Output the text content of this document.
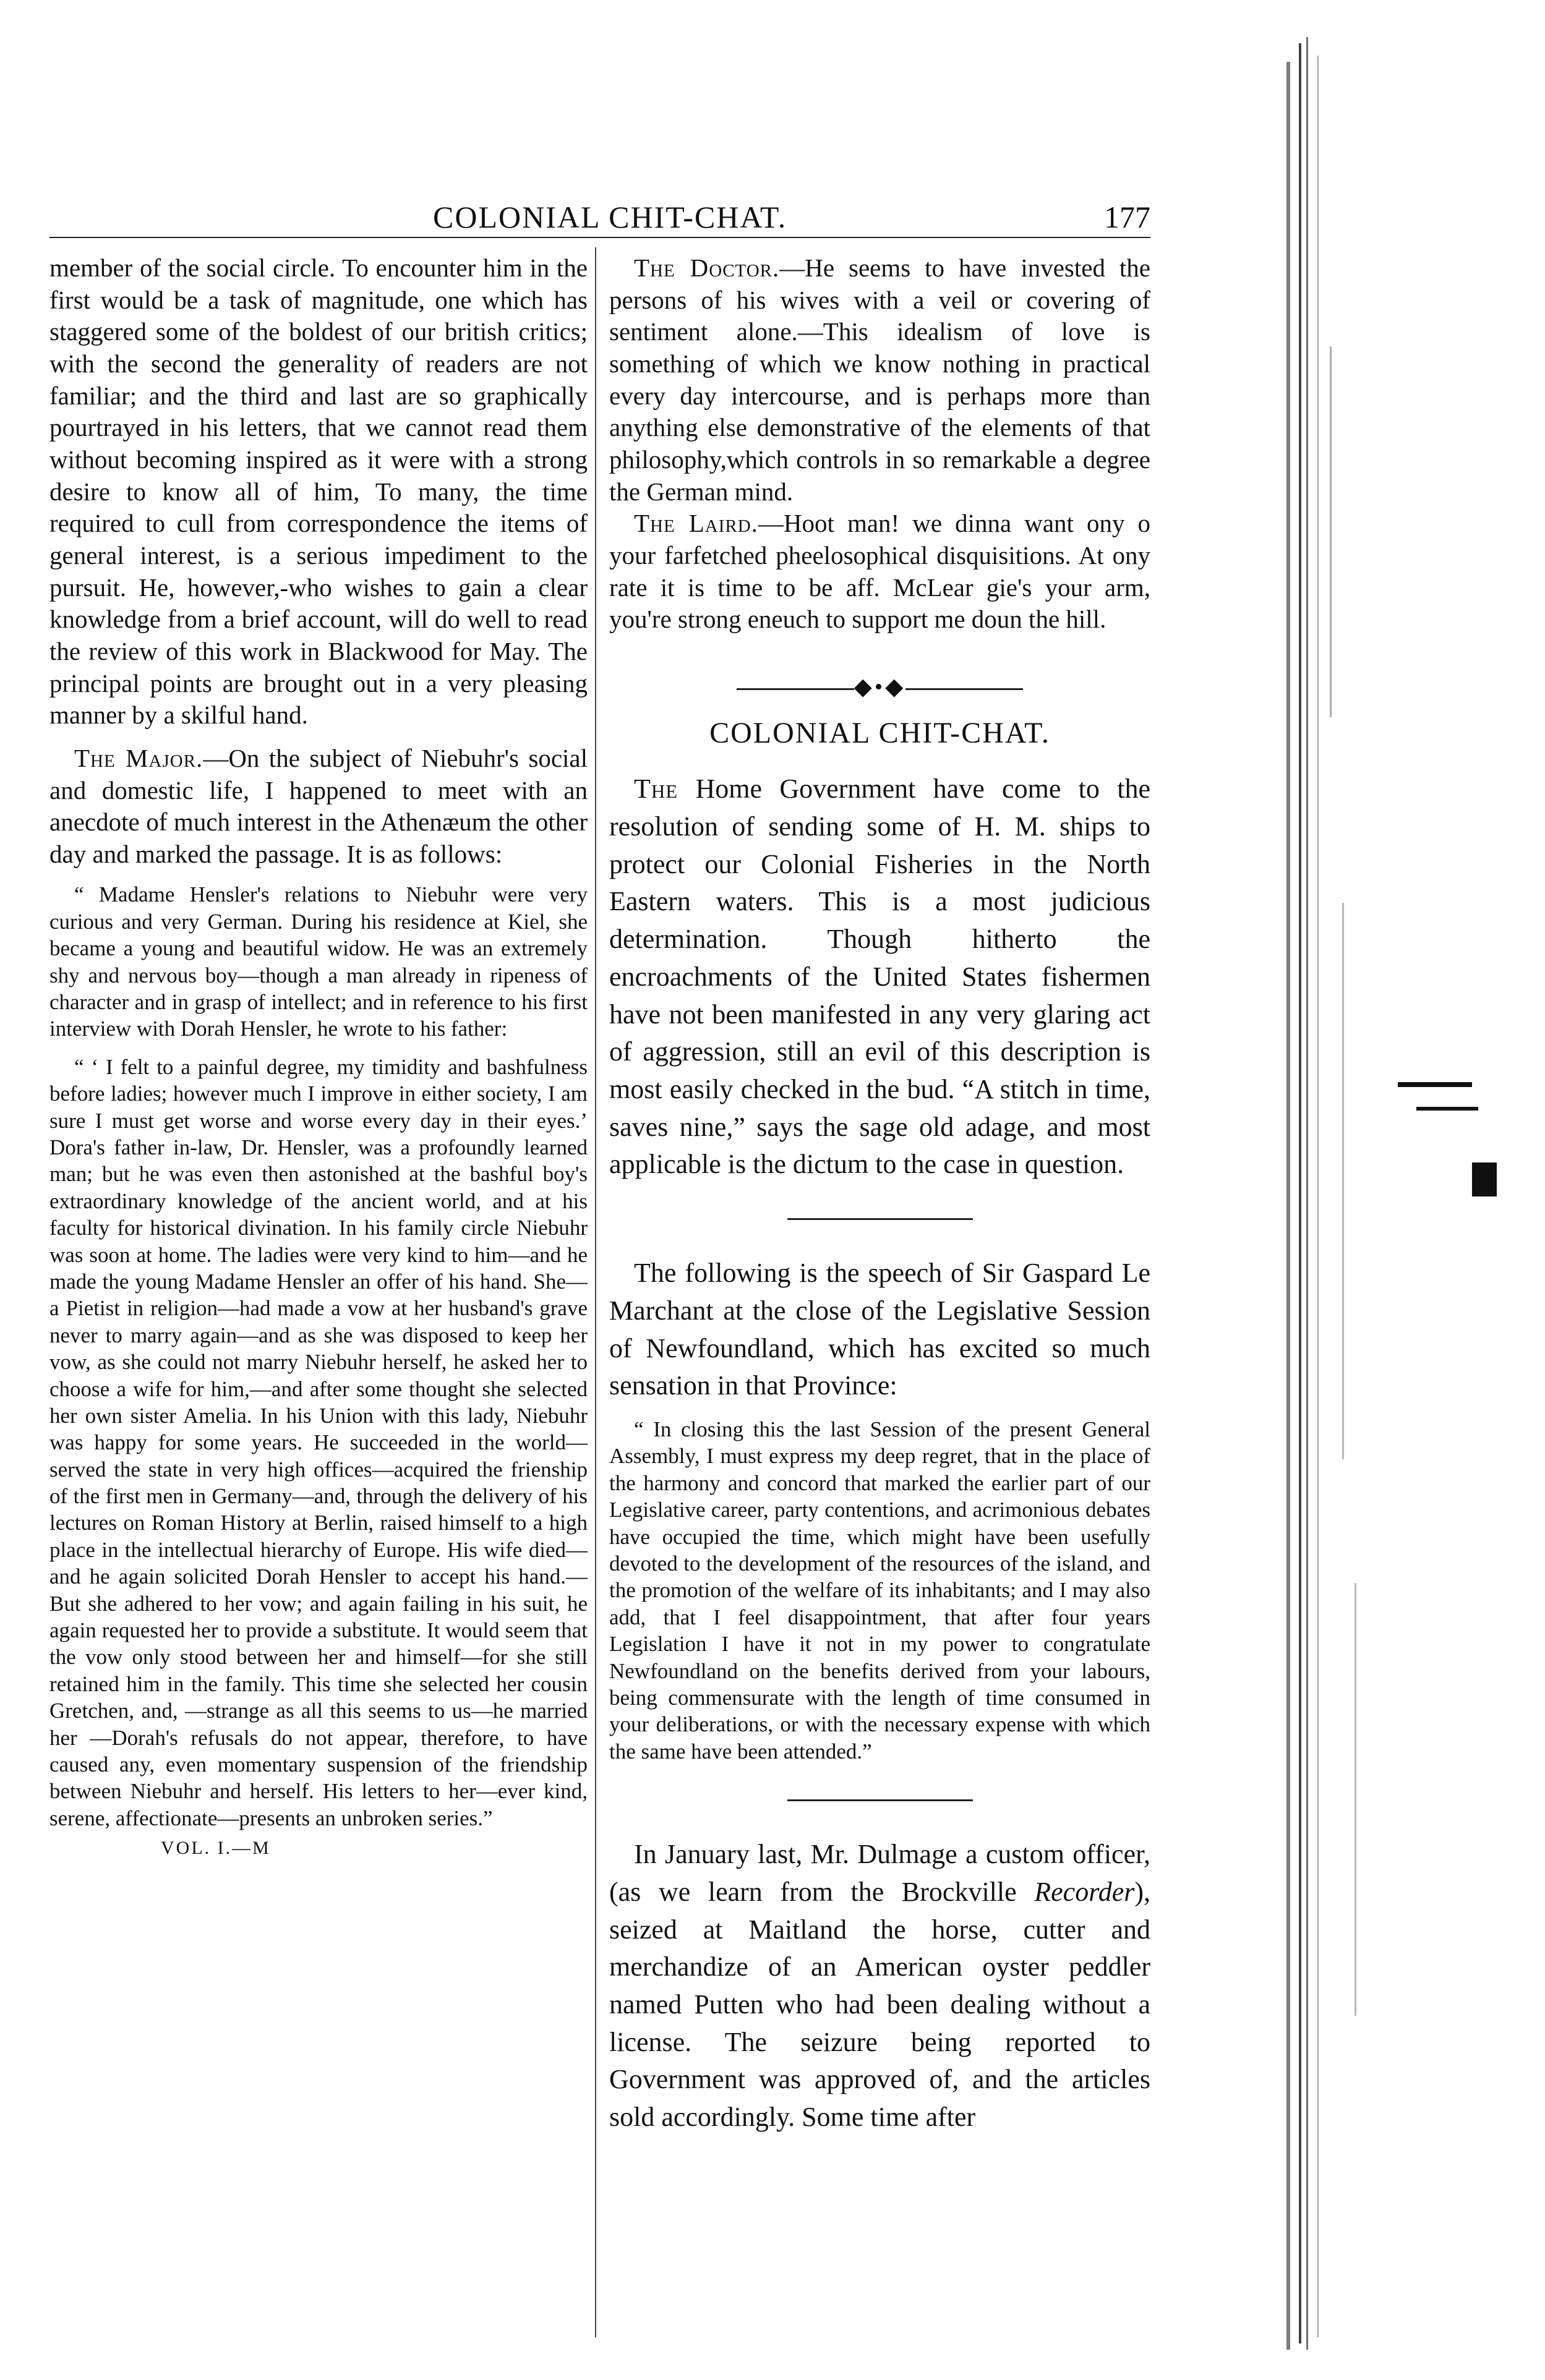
COLONIAL CHIT-CHAT.	177

member of the social circle. To encounter him in the first would be a task of magnitude, one which has staggered some of the boldest of our british critics; with the second the generality of readers are not familiar; and the third and last are so graphically pourtrayed in his letters, that we cannot read them without becoming inspired as it were with a strong desire to know all of him, To many, the time required to cull from correspondence the items of general interest, is a serious impediment to the pursuit. He, however,-who wishes to gain a clear knowledge from a brief account, will do well to read the review of this work in Blackwood for May. The principal points are brought out in a very pleasing manner by a skilful hand.

The Major.—On the subject of Niebuhr's social and domestic life, I happened to meet with an anecdote of much interest in the Athenæum the other day and marked the passage. It is as follows:

“ Madame Hensler's relations to Niebuhr were very curious and very German. During his residence at Kiel, she became a young and beautiful widow. He was an extremely shy and nervous boy—though a man already in ripeness of character and in grasp of intellect; and in reference to his first interview with Dorah Hensler, he wrote to his father:

“ ‘ I felt to a painful degree, my timidity and bashfulness before ladies; however much I improve in either society, I am sure I must get worse and worse every day in their eyes.’ Dora's father in-law, Dr. Hensler, was a profoundly learned man; but he was even then astonished at the bashful boy's extraordinary knowledge of the ancient world, and at his faculty for historical divination. In his family circle Niebuhr was soon at home. The ladies were very kind to him—and he made the young Madame Hensler an offer of his hand. She—a Pietist in religion—had made a vow at her husband's grave never to marry again—and as she was disposed to keep her vow, as she could not marry Niebuhr herself, he asked her to choose a wife for him,—and after some thought she selected her own sister Amelia. In his Union with this lady, Niebuhr was happy for some years. He succeeded in the world—served the state in very high offices—acquired the frienship of the first men in Germany—and, through the delivery of his lectures on Roman History at Berlin, raised himself to a high place in the intellectual hierarchy of Europe. His wife died—and he again solicited Dorah Hensler to accept his hand.—But she adhered to her vow; and again failing in his suit, he again requested her to provide a substitute. It would seem that the vow only stood between her and himself—for she still retained him in the family. This time she selected her cousin Gretchen, and, —strange as all this seems to us—he married her —Dorah's refusals do not appear, therefore, to have caused any, even momentary suspension of the friendship between Niebuhr and herself. His letters to her—ever kind, serene, affectionate—presents an unbroken series.”

VOL. I.—M

The Doctor.—He seems to have invested the persons of his wives with a veil or covering of sentiment alone.—This idealism of love is something of which we know nothing in practical every day intercourse, and is perhaps more than anything else demonstrative of the elements of that philosophy,which controls in so remarkable a degree the German mind.

The Laird.—Hoot man! we dinna want ony o your farfetched pheelosophical disquisitions. At ony rate it is time to be aff. McLear gie's your arm, you're strong eneuch to support me doun the hill.

◆•◆
COLONIAL CHIT-CHAT.

The Home Government have come to the resolution of sending some of H. M. ships to protect our Colonial Fisheries in the North Eastern waters. This is a most judicious determination. Though hitherto the encroachments of the United States fishermen have not been manifested in any very glaring act of aggression, still an evil of this description is most easily checked in the bud. “A stitch in time, saves nine,” says the sage old adage, and most applicable is the dictum to the case in question.

The following is the speech of Sir Gaspard Le Marchant at the close of the Legislative Session of Newfoundland, which has excited so much sensation in that Province:

“ In closing this the last Session of the present General Assembly, I must express my deep regret, that in the place of the harmony and concord that marked the earlier part of our Legislative career, party contentions, and acrimonious debates have occupied the time, which might have been usefully devoted to the development of the resources of the island, and the promotion of the welfare of its inhabitants; and I may also add, that I feel disappointment, that after four years Legislation I have it not in my power to congratulate Newfoundland on the benefits derived from your labours, being commensurate with the length of time consumed in your deliberations, or with the necessary expense with which the same have been attended.”

In January last, Mr. Dulmage a custom officer, (as we learn from the Brockville Recorder), seized at Maitland the horse, cutter and merchandize of an American oyster peddler named Putten who had been dealing without a license. The seizure being reported to Government was approved of, and the articles sold accordingly. Some time after
